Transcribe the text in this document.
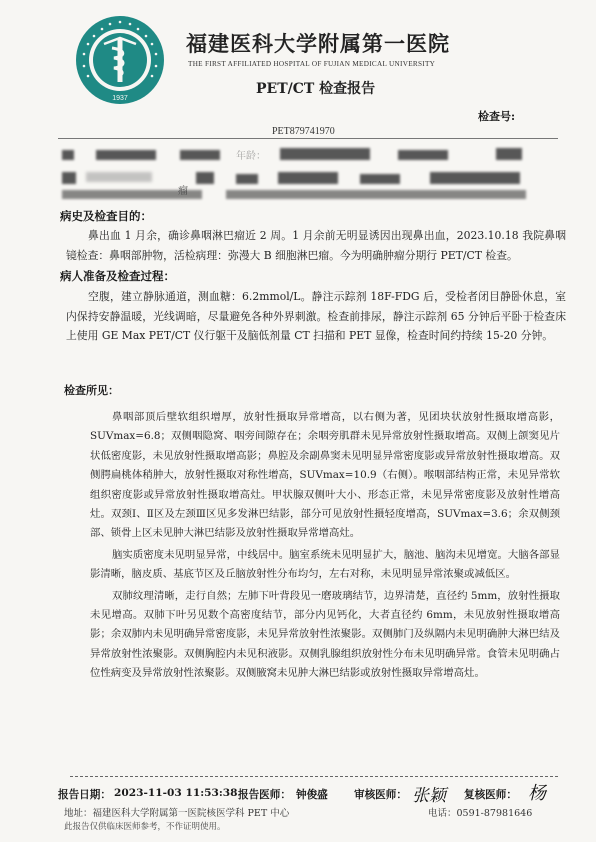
1937
福建医科大学附属第一医院
THE FIRST AFFILIATED HOSPITAL OF FUJIAN MEDICAL UNIVERSITY
PET/CT 检查报告
检查号:
PET879741970
年龄：
病史及检查目的：
鼻出血 1 月余，确诊鼻咽淋巴瘤近 2 周。1 月余前无明显诱因出现鼻出血，2023.10.18 我院鼻咽镜检查：鼻咽部肿物，活检病理：弥漫大 B 细胞淋巴瘤。今为明确肿瘤分期行 PET/CT 检查。
病人准备及检查过程：
空腹，建立静脉通道，测血糖：6.2mmol/L。静注示踪剂 18F-FDG 后，受检者闭目静卧休息，室内保持安静温暖，光线调暗，尽量避免各种外界刺激。检查前排尿，静注示踪剂 65 分钟后平卧于检查床上使用 GE Max PET/CT 仪行躯干及脑低剂量 CT 扫描和 PET 显像，检查时间约持续 15-20 分钟。
检查所见：

鼻咽部顶后壁软组织增厚，放射性摄取异常增高，以右侧为著，见团块状放射性摄取增高影，SUVmax=6.8；双侧咽隐窝、咽旁间隙存在；余咽旁肌群未见异常放射性摄取增高。双侧上颌窦见片状低密度影，未见放射性摄取增高影；鼻腔及余副鼻窦未见明显异常密度影或异常放射性摄取增高。双侧腭扁桃体稍肿大，放射性摄取对称性增高，SUVmax=10.9（右侧）。喉咽部结构正常，未见异常软组织密度影或异常放射性摄取增高灶。甲状腺双侧叶大小、形态正常，未见异常密度影及放射性增高灶。双颈Ⅰ、Ⅱ区及左颈Ⅲ区见多发淋巴结影，部分可见放射性摄轻度增高，SUVmax=3.6；余双侧颈部、锁骨上区未见肿大淋巴结影及放射性摄取异常增高灶。

脑实质密度未见明显异常，中线居中。脑室系统未见明显扩大，脑池、脑沟未见增宽。大脑各部显影清晰，脑皮质、基底节区及丘脑放射性分布均匀，左右对称，未见明显异常浓聚或减低区。

双肺纹理清晰，走行自然；左肺下叶背段见一磨玻璃结节，边界清楚，直径约 5mm，放射性摄取未见增高。双肺下叶另见数个高密度结节，部分内见钙化，大者直径约 6mm，未见放射性摄取增高影；余双肺内未见明确异常密度影，未见异常放射性浓聚影。双侧肺门及纵隔内未见明确肿大淋巴结及异常放射性浓聚影。双侧胸腔内未见积液影。双侧乳腺组织放射性分布未见明确异常。食管未见明确占位性病变及异常放射性浓聚影。双侧腋窝未见肿大淋巴结影或放射性摄取异常增高灶。

报告日期： 2023-11-03 11:53:38 报告医师： 钟俊盛 审核医师： 张颖 复核医师： 杨
地址：福建医科大学附属第一医院核医学科 PET 中心	电话：0591-87981646
此报告仅供临床医师参考，不作证明使用。
